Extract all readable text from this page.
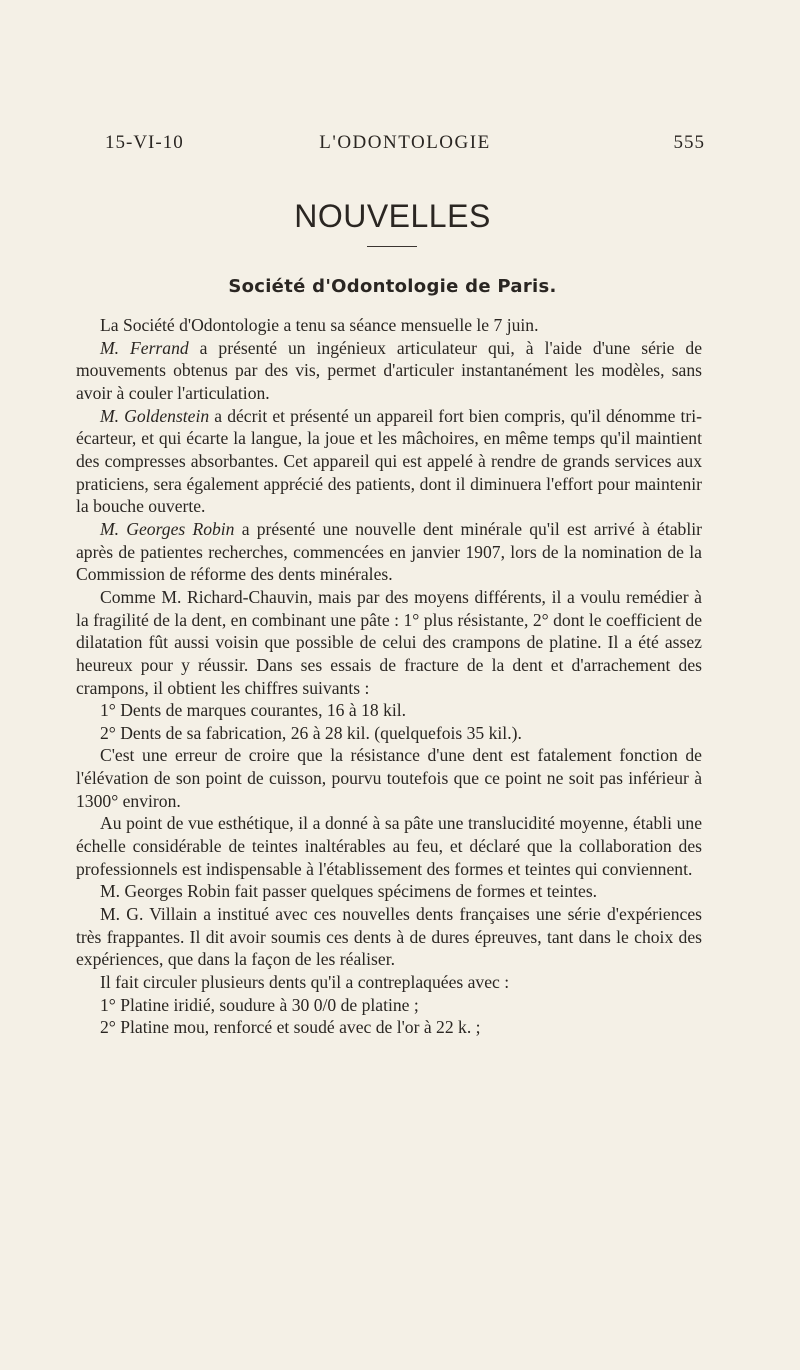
15-VI-10	L'ODONTOLOGIE	555
NOUVELLES
Société d'Odontologie de Paris.

La Société d'Odontologie a tenu sa séance mensuelle le 7 juin.

M. Ferrand a présenté un ingénieux articulateur qui, à l'aide d'une série de mouvements obtenus par des vis, permet d'articuler instantanément les modèles, sans avoir à couler l'articulation.

M. Goldenstein a décrit et présenté un appareil fort bien compris, qu'il dénomme tri-écarteur, et qui écarte la langue, la joue et les mâchoires, en même temps qu'il maintient des compresses absorbantes. Cet appareil qui est appelé à rendre de grands services aux praticiens, sera également apprécié des patients, dont il diminuera l'effort pour maintenir la bouche ouverte.

M. Georges Robin a présenté une nouvelle dent minérale qu'il est arrivé à établir après de patientes recherches, commencées en janvier 1907, lors de la nomination de la Commission de réforme des dents minérales.

Comme M. Richard-Chauvin, mais par des moyens différents, il a voulu remédier à la fragilité de la dent, en combinant une pâte : 1° plus résistante, 2° dont le coefficient de dilatation fût aussi voisin que possible de celui des crampons de platine. Il a été assez heureux pour y réussir. Dans ses essais de fracture de la dent et d'arrachement des crampons, il obtient les chiffres suivants :

1° Dents de marques courantes, 16 à 18 kil.

2° Dents de sa fabrication, 26 à 28 kil. (quelquefois 35 kil.).

C'est une erreur de croire que la résistance d'une dent est fatalement fonction de l'élévation de son point de cuisson, pourvu toutefois que ce point ne soit pas inférieur à 1300° environ.

Au point de vue esthétique, il a donné à sa pâte une translucidité moyenne, établi une échelle considérable de teintes inaltérables au feu, et déclaré que la collaboration des professionnels est indispensable à l'établissement des formes et teintes qui conviennent.

M. Georges Robin fait passer quelques spécimens de formes et teintes.

M. G. Villain a institué avec ces nouvelles dents françaises une série d'expériences très frappantes. Il dit avoir soumis ces dents à de dures épreuves, tant dans le choix des expériences, que dans la façon de les réaliser.

Il fait circuler plusieurs dents qu'il a contreplaquées avec :

1° Platine iridié, soudure à 30 0/0 de platine ;

2° Platine mou, renforcé et soudé avec de l'or à 22 k. ;
